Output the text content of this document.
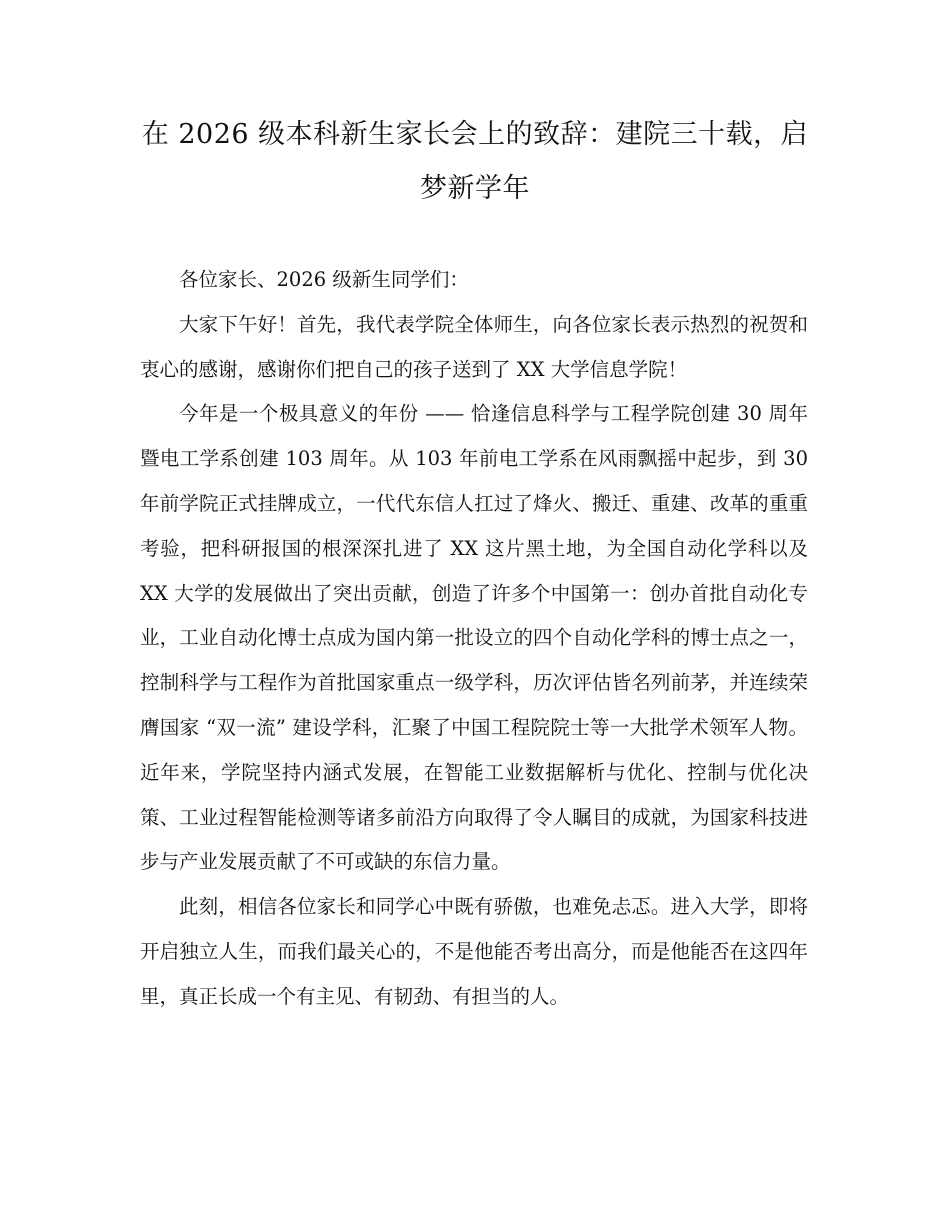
在 2026 级本科新生家长会上的致辞：建院三十载，启梦新学年

各位家长、2026 级新生同学们：

大家下午好！首先，我代表学院全体师生，向各位家长表示热烈的祝贺和衷心的感谢，感谢你们把自己的孩子送到了 XX 大学信息学院！

今年是一个极具意义的年份 —— 恰逢信息科学与工程学院创建 30 周年暨电工学系创建 103 周年。从 103 年前电工学系在风雨飘摇中起步，到 30 年前学院正式挂牌成立，一代代东信人扛过了烽火、搬迁、重建、改革的重重考验，把科研报国的根深深扎进了 XX 这片黑土地，为全国自动化学科以及 XX 大学的发展做出了突出贡献，创造了许多个中国第一：创办首批自动化专业，工业自动化博士点成为国内第一批设立的四个自动化学科的博士点之一，控制科学与工程作为首批国家重点一级学科，历次评估皆名列前茅，并连续荣膺国家 “双一流” 建设学科，汇聚了中国工程院院士等一大批学术领军人物。近年来，学院坚持内涵式发展，在智能工业数据解析与优化、控制与优化决策、工业过程智能检测等诸多前沿方向取得了令人瞩目的成就，为国家科技进步与产业发展贡献了不可或缺的东信力量。

此刻，相信各位家长和同学心中既有骄傲，也难免忐忑。进入大学，即将开启独立人生，而我们最关心的，不是他能否考出高分，而是他能否在这四年里，真正长成一个有主见、有韧劲、有担当的人。
